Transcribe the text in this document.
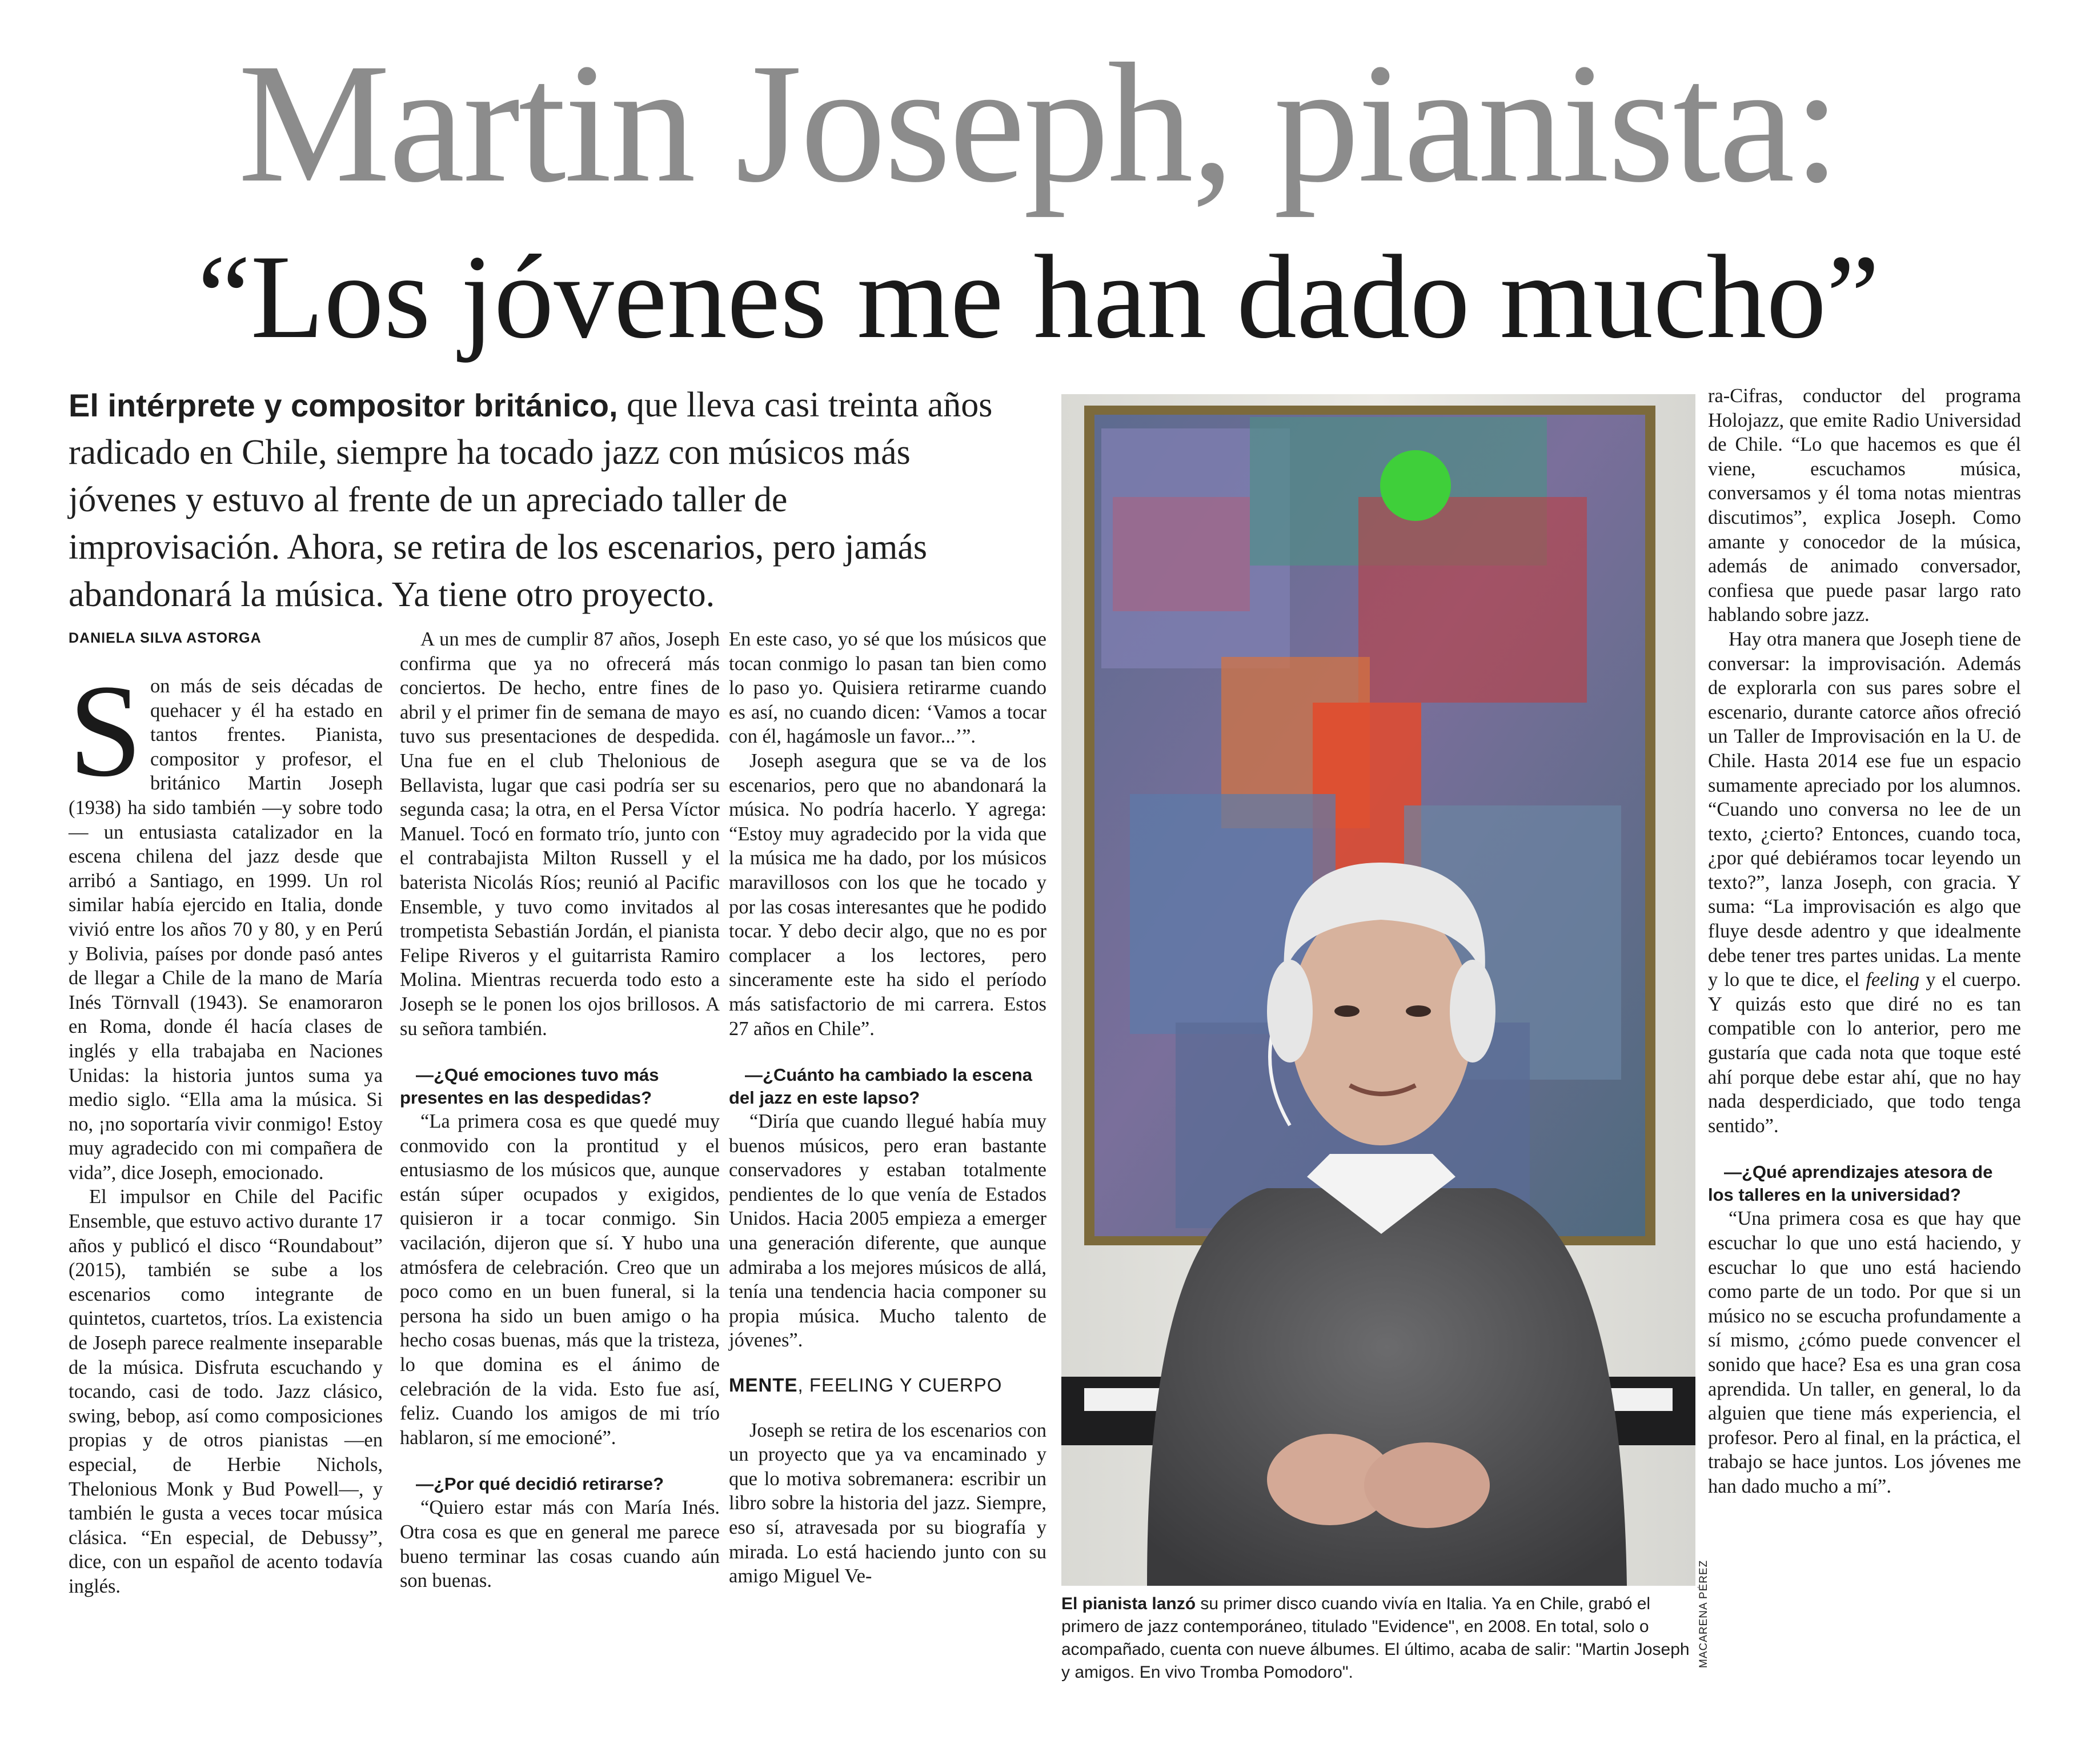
Martin Joseph, pianista:
“Los jóvenes me han dado mucho”
El intérprete y compositor británico, que lleva casi treinta años radicado en Chile, siempre ha tocado jazz con músicos más jóvenes y estuvo al frente de un apreciado taller de improvisación. Ahora, se retira de los escenarios, pero jamás abandonará la música. Ya tiene otro proyecto.
DANIELA SILVA ASTORGA

Son más de seis décadas de quehacer y él ha estado en tantos frentes. Pianista, compositor y profesor, el británico Martin Joseph (1938) ha sido también —y sobre todo— un entusiasta catalizador en la escena chilena del jazz desde que arribó a Santiago, en 1999. Un rol similar había ejercido en Italia, donde vivió entre los años 70 y 80, y en Perú y Bolivia, países por donde pasó antes de llegar a Chile de la mano de María Inés Törnvall (1943). Se enamoraron en Roma, donde él hacía clases de inglés y ella trabajaba en Naciones Unidas: la historia juntos suma ya medio siglo. “Ella ama la música. Si no, ¡no soportaría vivir conmigo! Estoy muy agradecido con mi compañera de vida”, dice Joseph, emocionado.

El impulsor en Chile del Pacific Ensemble, que estuvo activo durante 17 años y publicó el disco “Roundabout” (2015), también se sube a los escenarios como integrante de quintetos, cuartetos, tríos. La existencia de Joseph parece realmente inseparable de la música. Disfruta escuchando y tocando, casi de todo. Jazz clásico, swing, bebop, así como composiciones propias y de otros pianistas —en especial, de Herbie Nichols, Thelonious Monk y Bud Powell—, y también le gusta a veces tocar música clásica. “En especial, de Debussy”, dice, con un español de acento todavía inglés.

A un mes de cumplir 87 años, Joseph confirma que ya no ofrecerá más conciertos. De hecho, entre fines de abril y el primer fin de semana de mayo tuvo sus presentaciones de despedida. Una fue en el club Thelonious de Bellavista, lugar que casi podría ser su segunda casa; la otra, en el Persa Víctor Manuel. Tocó en formato trío, junto con el contrabajista Milton Russell y el baterista Nicolás Ríos; reunió al Pacific Ensemble, y tuvo como invitados al trompetista Sebastián Jordán, el pianista Felipe Riveros y el guitarrista Ramiro Molina. Mientras recuerda todo esto a Joseph se le ponen los ojos brillosos. A su señora también.

—¿Qué emociones tuvo más presentes en las despedidas?

“La primera cosa es que quedé muy conmovido con la prontitud y el entusiasmo de los músicos que, aunque están súper ocupados y exigidos, quisieron ir a tocar conmigo. Sin vacilación, dijeron que sí. Y hubo una atmósfera de celebración. Creo que un poco como en un buen funeral, si la persona ha sido un buen amigo o ha hecho cosas buenas, más que la tristeza, lo que domina es el ánimo de celebración de la vida. Esto fue así, feliz. Cuando los amigos de mi trío hablaron, sí me emocioné”.

—¿Por qué decidió retirarse?

“Quiero estar más con María Inés. Otra cosa es que en general me parece bueno terminar las cosas cuando aún son buenas.

En este caso, yo sé que los músicos que tocan conmigo lo pasan tan bien como lo paso yo. Quisiera retirarme cuando es así, no cuando dicen: ‘Vamos a tocar con él, hagámosle un favor...’”.

Joseph asegura que se va de los escenarios, pero que no abandonará la música. No podría hacerlo. Y agrega: “Estoy muy agradecido por la vida que la música me ha dado, por los músicos maravillosos con los que he tocado y por las cosas interesantes que he podido tocar. Y debo decir algo, que no es por complacer a los lectores, pero sinceramente este ha sido el período más satisfactorio de mi carrera. Estos 27 años en Chile”.

—¿Cuánto ha cambiado la escena del jazz en este lapso?

“Diría que cuando llegué había muy buenos músicos, pero eran bastante conservadores y estaban totalmente pendientes de lo que venía de Estados Unidos. Hacia 2005 empieza a emerger una generación diferente, que aunque admiraba a los mejores músicos de allá, tenía una tendencia hacia componer su propia música. Mucho talento de jóvenes”.

MENTE, FEELING Y CUERPO

Joseph se retira de los escenarios con un proyecto que ya va encaminado y que lo motiva sobremanera: escribir un libro sobre la historia del jazz. Siempre, eso sí, atravesada por su biografía y mirada. Lo está haciendo junto con su amigo Miguel Ve-	MACARENA PÉREZ
El pianista lanzó su primer disco cuando vivía en Italia. Ya en Chile, grabó el primero de jazz contemporáneo, titulado "Evidence", en 2008. En total, solo o acompañado, cuenta con nueve álbumes. El último, acaba de salir: "Martin Joseph y amigos. En vivo Tromba Pomodoro".

ra-Cifras, conductor del programa Holojazz, que emite Radio Universidad de Chile. “Lo que hacemos es que él viene, escuchamos música, conversamos y él toma notas mientras discutimos”, explica Joseph. Como amante y conocedor de la música, además de animado conversador, confiesa que puede pasar largo rato hablando sobre jazz.

Hay otra manera que Joseph tiene de conversar: la improvisación. Además de explorarla con sus pares sobre el escenario, durante catorce años ofreció un Taller de Improvisación en la U. de Chile. Hasta 2014 ese fue un espacio sumamente apreciado por los alumnos. “Cuando uno conversa no lee de un texto, ¿cierto? Entonces, cuando toca, ¿por qué debiéramos tocar leyendo un texto?”, lanza Joseph, con gracia. Y suma: “La improvisación es algo que fluye desde adentro y que idealmente debe tener tres partes unidas. La mente y lo que te dice, el feeling y el cuerpo. Y quizás esto que diré no es tan compatible con lo anterior, pero me gustaría que cada nota que toque esté ahí porque debe estar ahí, que no hay nada desperdiciado, que todo tenga sentido”.

—¿Qué aprendizajes atesora de los talleres en la universidad?

“Una primera cosa es que hay que escuchar lo que uno está haciendo, y escuchar lo que uno está haciendo como parte de un todo. Por que si un músico no se escucha profundamente a sí mismo, ¿cómo puede convencer el sonido que hace? Esa es una gran cosa aprendida. Un taller, en general, lo da alguien que tiene más experiencia, el profesor. Pero al final, en la práctica, el trabajo se hace juntos. Los jóvenes me han dado mucho a mí”.
